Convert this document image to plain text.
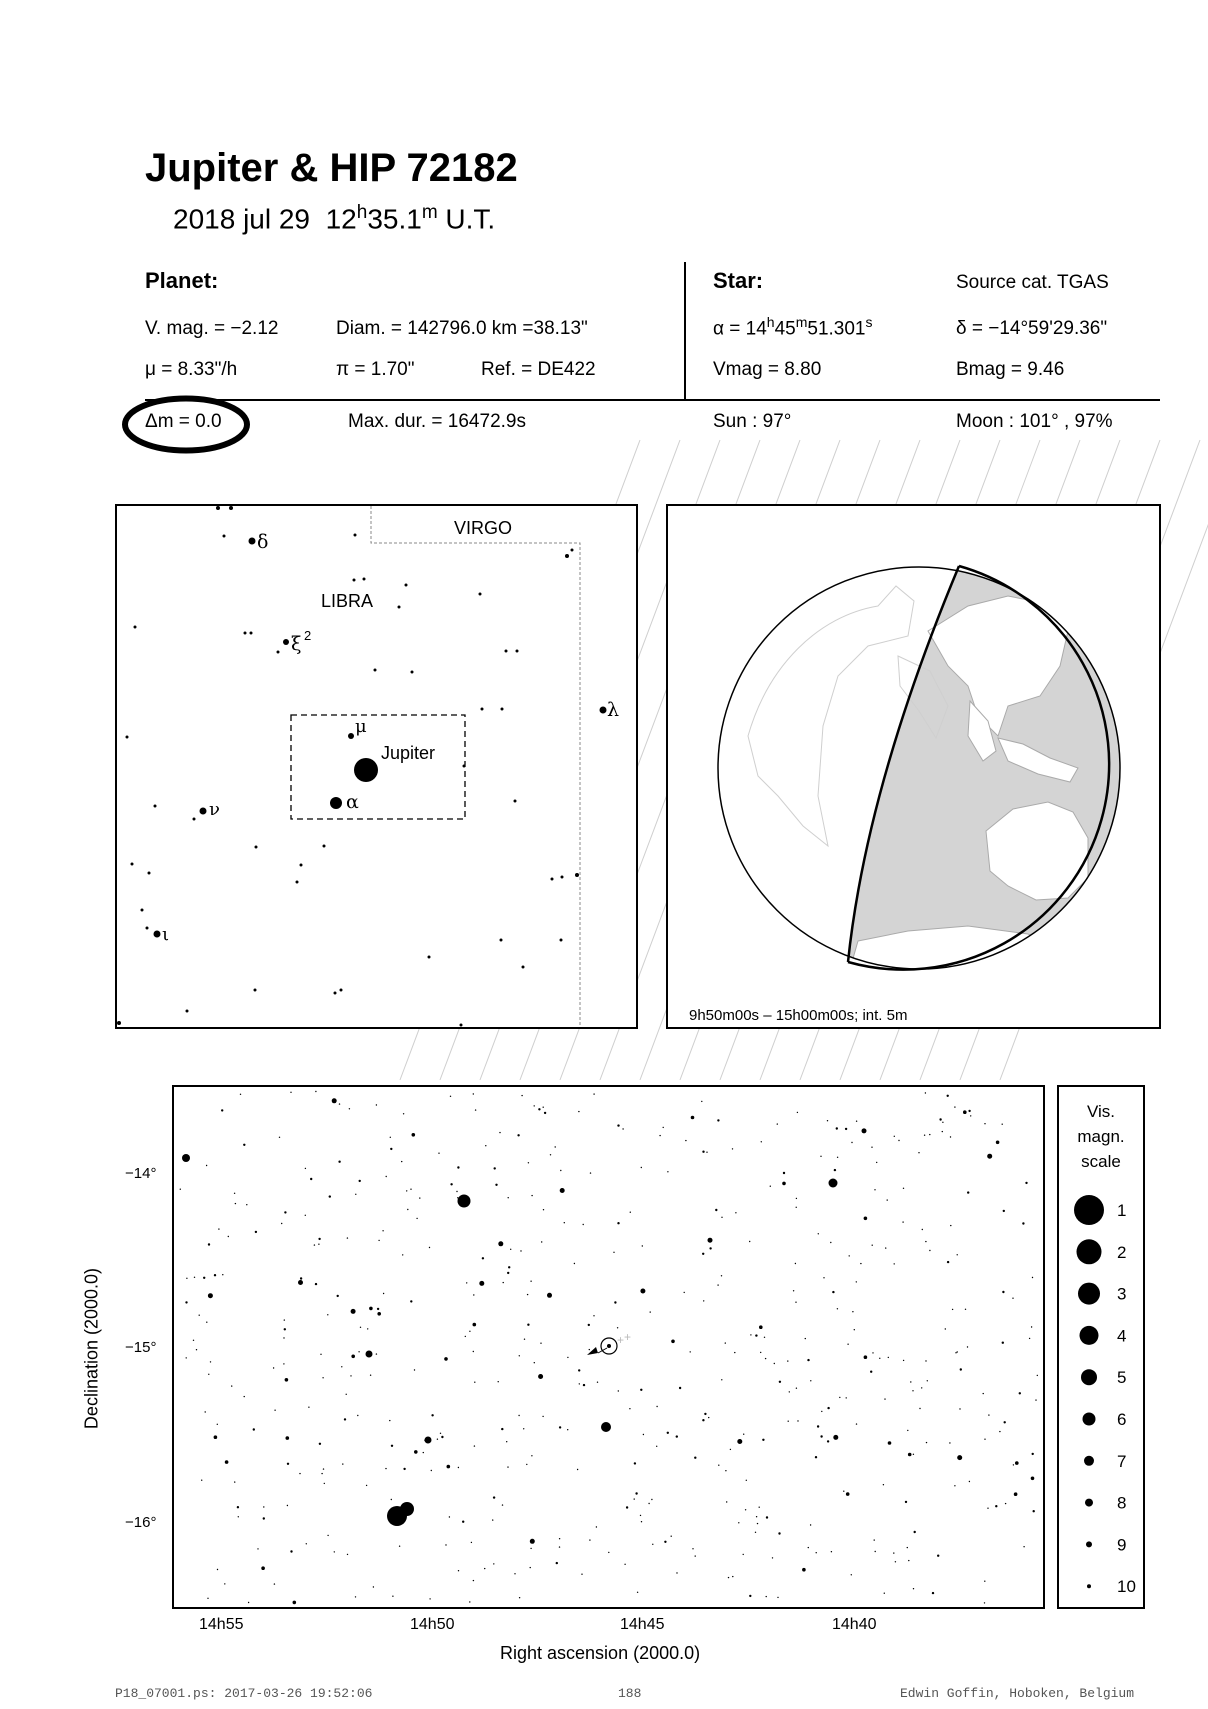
Jupiter & HIP 72182
2018 jul 29 12$^h$35.1$^m$ U.T.
Planet:	Star:	Source cat. TGAS
V. mag. = −2.12	Diam. = 142796.0 km =38.13"	$\alpha = 14^h45^m51.301^s$	δ = −14°59'29.36"
μ = 8.33"/h	π = 1.70"	Ref. = DE422	Vmag = 8.80	Bmag = 9.46
Δm = 0.0	Max. dur. = 16472.9s	Sun : 97°	Moon : 101° , 97%
VIRGO
LIBRA
Jupiter
δ
ξ 2
μ
α
ν
λ
ι
9h50m00s – 15h00m00s; int. 5m
+ +
−14°
−15°
−16°
14h55	14h50	14h45	14h40
Right ascension (2000.0)
Declination (2000.0)
Vis.
magn.
scale
1
2
3
4
5
6
7
8
9
10
P18_07001.ps: 2017-03-26 19:52:06	188	Edwin Goffin, Hoboken, Belgium
